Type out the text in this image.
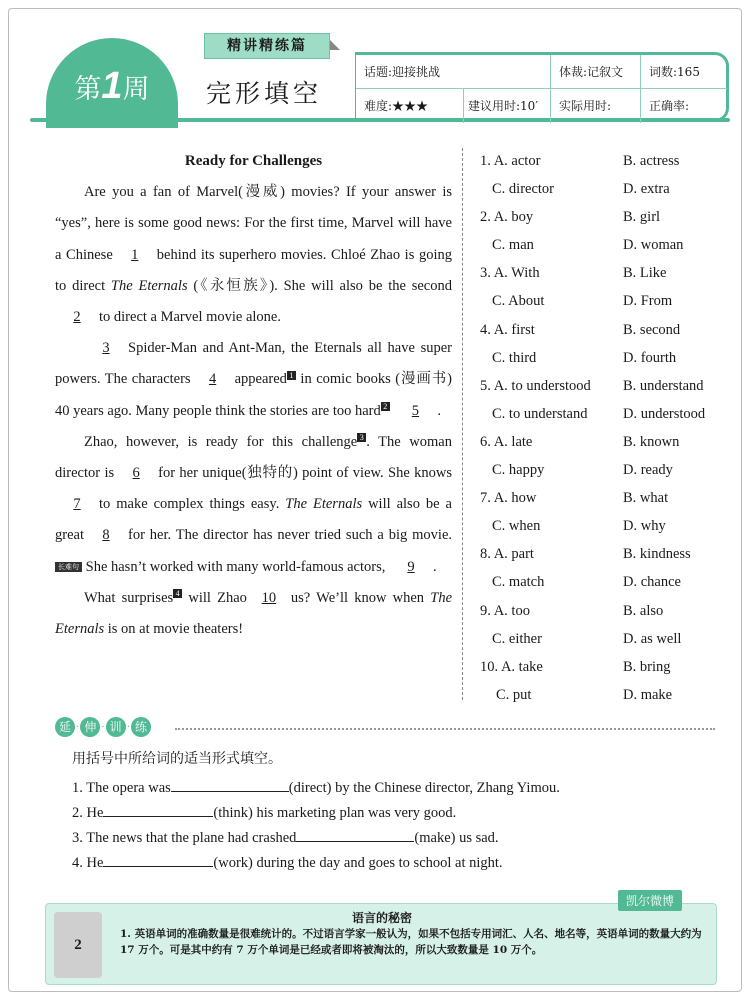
精讲精练篇
第1周	完形填空
话题:迎接挑战	体裁:记叙文	词数:165
难度:★★★	建议用时:10′	实际用时:	正确率:
Ready for Challenges
Are you a fan of Marvel(漫威) movies? If your answer is “yes”, here is some good news: For the first time, Marvel will have a Chinese 1 behind its superhero movies. Chloé Zhao is going to direct The Eternals (《永恒族》). She will also be the second2 to direct a Marvel movie alone.
3 Spider-Man and Ant-Man, the Eternals all have super powers. The characters 4 appeared 1 in comic books (漫画书) 40 years ago. Many people think the stories are too hard 2 5 .
Zhao, however, is ready for this challenge 3 . The woman director is 6 for her unique(独特的) point of view. She knows7 to make complex things easy. The Eternals will also be a great 8 for her. The director has never tried such a big movie.长难句 She hasn’t worked with many world-famous actors, 9 .
What surprises 4 will Zhao 10 us? We’ll know when The Eternals is on at movie theaters!
1. A. actor	B. actress
C. director	D. extra
2. A. boy	B. girl
C. man	D. woman
3. A. With	B. Like
C. About	D. From
4. A. first	B. second
C. third	D. fourth
5. A. to understood B. understand
C. to understand D. understood
6. A. late	B. known
C. happy	D. ready
7. A. how	B. what
C. when	D. why
8. A. part	B. kindness
C. match	D. chance
9. A. too	B. also
C. either	D. as well
10. A. take	B. bring
C. put	D. make
延 · 伸 · 训 · 练
用括号中所给词的适当形式填空。
1. The opera was	(direct) by the Chinese director, Zhang Yimou.
2. He	(think) his marketing plan was very good.
3. The news that the plane had crashed	(make) us sad.
4. He	(work) during the day and goes to school at night.
2
语言的秘密
1. 英语单词的准确数量是很难统计的。不过语言学家一般认为，如果不包括专用词汇、人名、地名等，英语单词的数量大约为 17 万个。可是其中约有 7 万个单词是已经或者即将被淘汰的，所以大致数量是 10 万个。
凯尔微博
